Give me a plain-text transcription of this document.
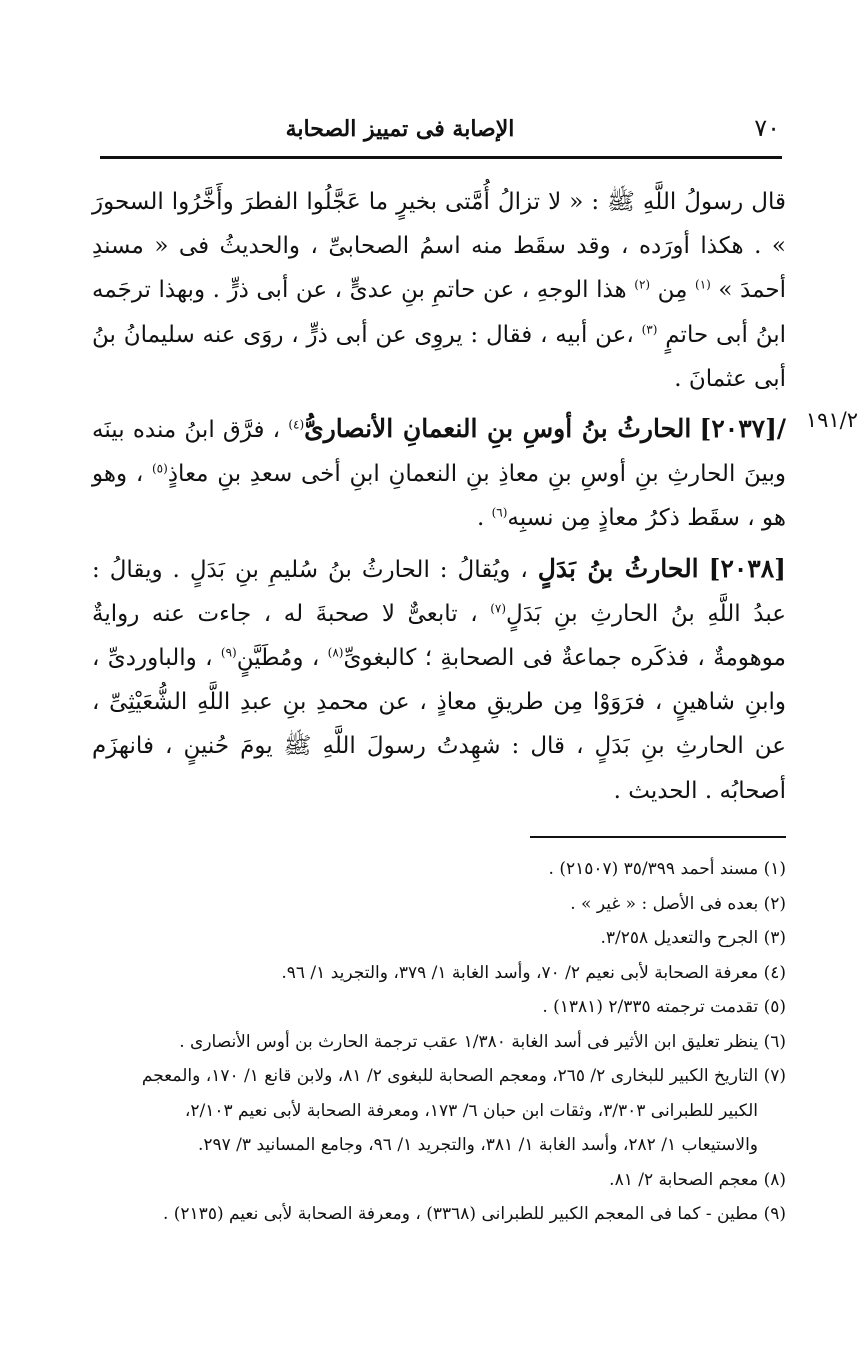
٧٠
الإصابة فى تمييز الصحابة
١٩١/٢

قال رسولُ اللَّهِ ﷺ : « لا تزالُ أُمَّتى بخيرٍ ما عَجَّلُوا الفطرَ وأَخَّرُوا السحورَ » . هكذا أورَده ، وقد سقَط منه اسمُ الصحابىِّ ، والحديثُ فى « مسندِ أحمدَ » $^{(١)}$ مِن $^{(٢)}$ هذا الوجهِ ، عن حاتمِ بنِ عدىٍّ ، عن أبى ذرٍّ . وبهذا ترجَمه ابنُ أبى حاتمٍ $^{(٣)}$ ،عن أبيه ، فقال : يروِى عن أبى ذرٍّ ، روَى عنه سليمانُ بنُ أبى عثمانَ .

/[٢٠٣٧] الحارثُ بنُ أوسِ بنِ النعمانِ الأنصارىُّ$^{(٤)}$ ، فرَّق ابنُ منده بينَه وبينَ الحارثِ بنِ أوسِ بنِ معاذِ بنِ النعمانِ ابنِ أخى سعدِ بنِ معاذٍ$^{(٥)}$ ، وهو هو ، سقَط ذكرُ معاذٍ مِن نسبِه$^{(٦)}$ .

[٢٠٣٨] الحارثُ بنُ بَدَلٍ ، ويُقالُ : الحارثُ بنُ سُليمِ بنِ بَدَلٍ . ويقالُ : عبدُ اللَّهِ بنُ الحارثِ بنِ بَدَلٍ$^{(٧)}$ ، تابعىٌّ لا صحبةَ له ، جاءت عنه روايةٌ موهومةٌ ، فذكَره جماعةٌ فى الصحابةِ ؛ كالبغوىِّ$^{(٨)}$ ، ومُطَيَّنٍ$^{(٩)}$ ، والباوردىِّ ، وابنِ شاهينٍ ، فرَوَوْا مِن طريقِ معاذٍ ، عن محمدِ بنِ عبدِ اللَّهِ الشُّعَيْثِىِّ ، عن الحارثِ بنِ بَدَلٍ ، قال : شهِدتُ رسولَ اللَّهِ ﷺ يومَ حُنينٍ ، فانهزَم أصحابُه . الحديث .

(١) مسند أحمد ٣٥/٣٩٩ (٢١٥٠٧) .
(٢) بعده فى الأصل : « غير » .
(٣) الجرح والتعديل ٣/٢٥٨.
(٤) معرفة الصحابة لأبى نعيم ٢/ ٧٠، وأسد الغابة ١/ ٣٧٩، والتجريد ١/ ٩٦.
(٥) تقدمت ترجمته ٢/٣٣٥ (١٣٨١) .
(٦) ينظر تعليق ابن الأثير فى أسد الغابة ١/٣٨٠ عقب ترجمة الحارث بن أوس الأنصارى .
(٧) التاريخ الكبير للبخارى ٢/ ٢٦٥، ومعجم الصحابة للبغوى ٢/ ٨١، ولابن قانع ١/ ١٧٠، والمعجم
الكبير للطبرانى ٣/٣٠٣، وثقات ابن حبان ٦/ ١٧٣، ومعرفة الصحابة لأبى نعيم ٢/١٠٣،
والاستيعاب ١/ ٢٨٢، وأسد الغابة ١/ ٣٨١، والتجريد ١/ ٩٦، وجامع المسانيد ٣/ ٢٩٧.
(٨) معجم الصحابة ٢/ ٨١.
(٩) مطين - كما فى المعجم الكبير للطبرانى (٣٣٦٨) ، ومعرفة الصحابة لأبى نعيم (٢١٣٥) .
